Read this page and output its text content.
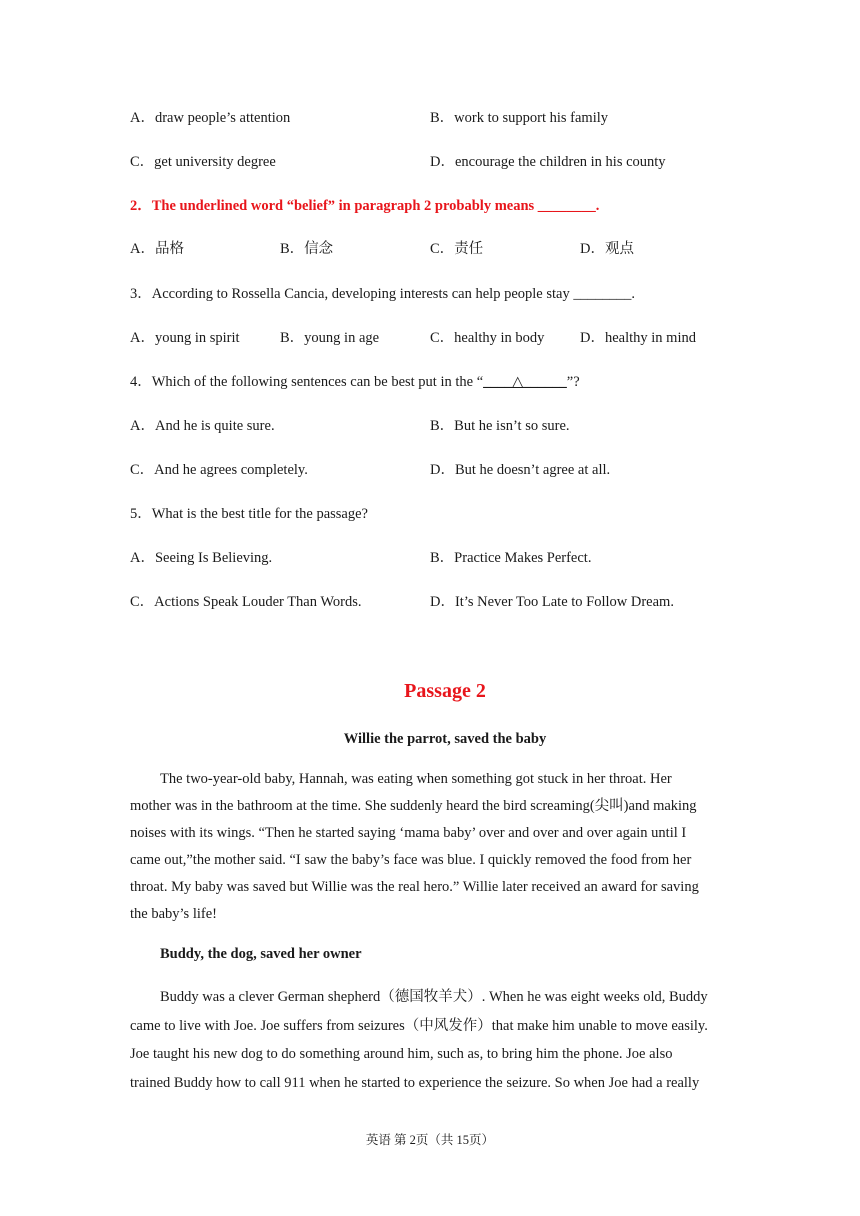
A．draw people’s attention	B．work to support his family
C．get university degree	D．encourage the children in his county
2．The underlined word “belief” in paragraph 2 probably means ________.
A．品格	B．信念	C．责任	D．观点
3．According to Rossella Cancia, developing interests can help people stay ________.
A．young in spirit	B．young in age	C．healthy in body D．healthy in mind
4．Which of the following sentences can be best put in the “____△______”?
A．And he is quite sure.	B．But he isn’t so sure.
C．And he agrees completely.	D．But he doesn’t agree at all.
5．What is the best title for the passage?
A．Seeing Is Believing.	B．Practice Makes Perfect.
C．Actions Speak Louder Than Words.	D．It’s Never Too Late to Follow Dream.
Passage 2
Willie the parrot, saved the baby
The two-year-old baby, Hannah, was eating when something got stuck in her throat. Her
mother was in the bathroom at the time. She suddenly heard the bird screaming(尖叫)and making
noises with its wings. “Then he started saying ‘mama baby’ over and over and over again until I
came out,”the mother said. “I saw the baby’s face was blue. I quickly removed the food from her
throat. My baby was saved but Willie was the real hero.” Willie later received an award for saving
the baby’s life!
Buddy, the dog, saved her owner
Buddy was a clever German shepherd（德国牧羊犬）. When he was eight weeks old, Buddy
came to live with Joe. Joe suffers from seizures（中风发作）that make him unable to move easily.
Joe taught his new dog to do something around him, such as, to bring him the phone. Joe also
trained Buddy how to call 911 when he started to experience the seizure. So when Joe had a really
英语 第 2页（共 15页）
